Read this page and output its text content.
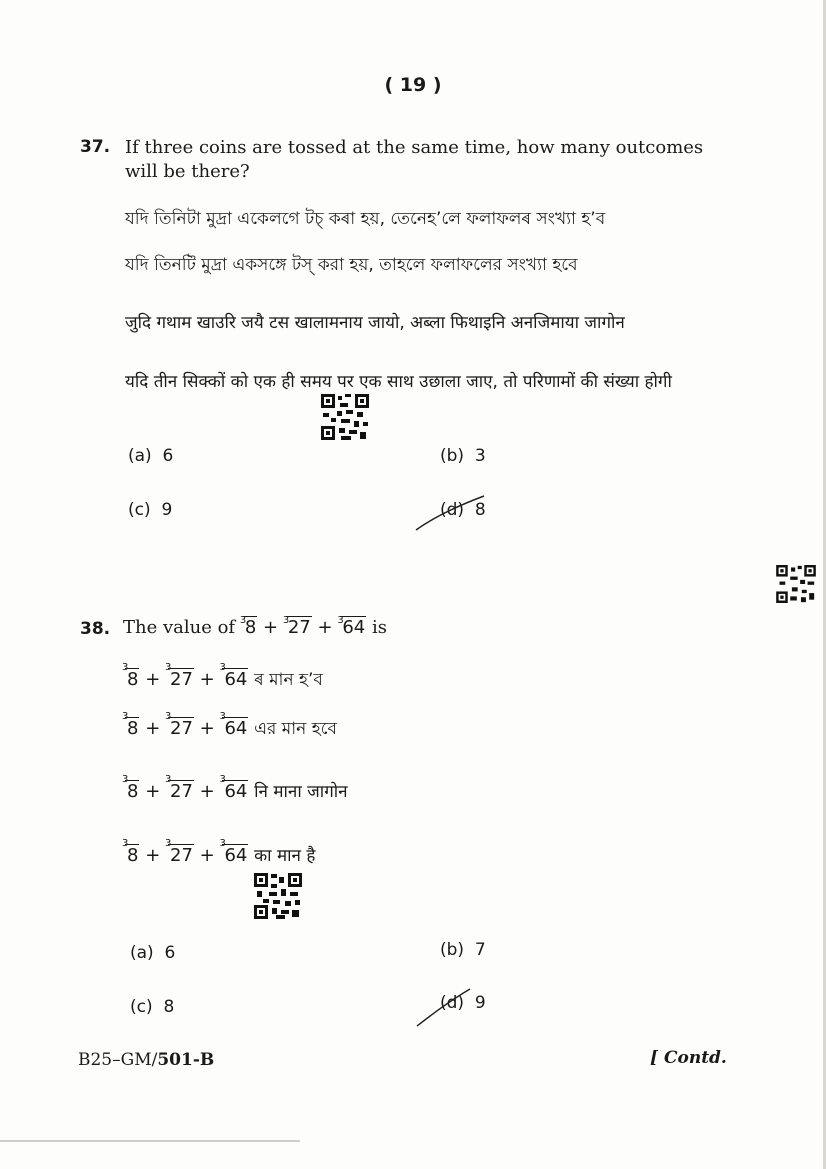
( 19 )
37. If three coins are tossed at the same time, how many outcomes
will be there?
যদি তিনিটা মুদ্ৰা একেলগে টচ্ কৰা হয়, তেনেহ’লে ফলাফলৰ সংখ্যা হ’ব
যদি তিনটি মুদ্রা একসঙ্গে টস্ করা হয়, তাহলে ফলাফলের সংখ্যা হবে
जुदि गथाम खाउरि जयै टस खालामनाय जायो, अब्ला फिथाइनि अनजिमाया जागोन
यदि तीन सिक्कों को एक ही समय पर एक साथ उछाला जाए, तो परिणामों की संख्या होगी
(a) 6	(b) 3
(c) 9	(d) 8
38. The value of 3
8 + 3
27 + 3
64 is
3
8 +
3
27 +
3
64 ৰ মান হ’ব
3
8 +
3
27 +
3
64 এর মান হবে
3
8 +
3
27 +
3
64 नि माना जागोन
3
8 +
3
27 +
3
64 का मान है
(a) 6	(b) 7
(c) 8	(d) 9
B25–GM/501-B	[ Contd.
